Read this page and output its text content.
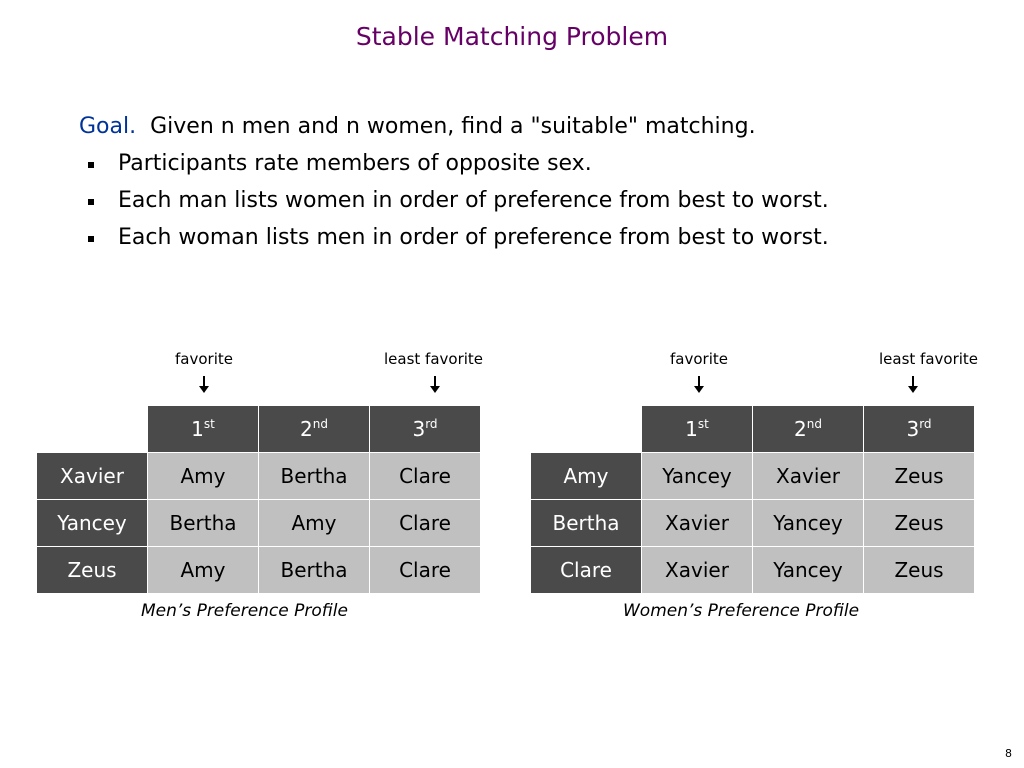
Stable Matching Problem
Goal. Given n men and n women, find a "suitable" matching.
Participants rate members of opposite sex.
Each man lists women in order of preference from best to worst.
Each woman lists men in order of preference from best to worst.
favorite	least favorite	favorite	least favorite
	1st	2nd	3rd
Xavier	Amy	Bertha	Clare
Yancey	Bertha	Amy	Clare
Zeus	Amy	Bertha	Clare
Men’s Preference Profile
	1st	2nd	3rd
Amy	Yancey	Xavier	Zeus
Bertha	Xavier	Yancey	Zeus
Clare	Xavier	Yancey	Zeus
Women’s Preference Profile
8
